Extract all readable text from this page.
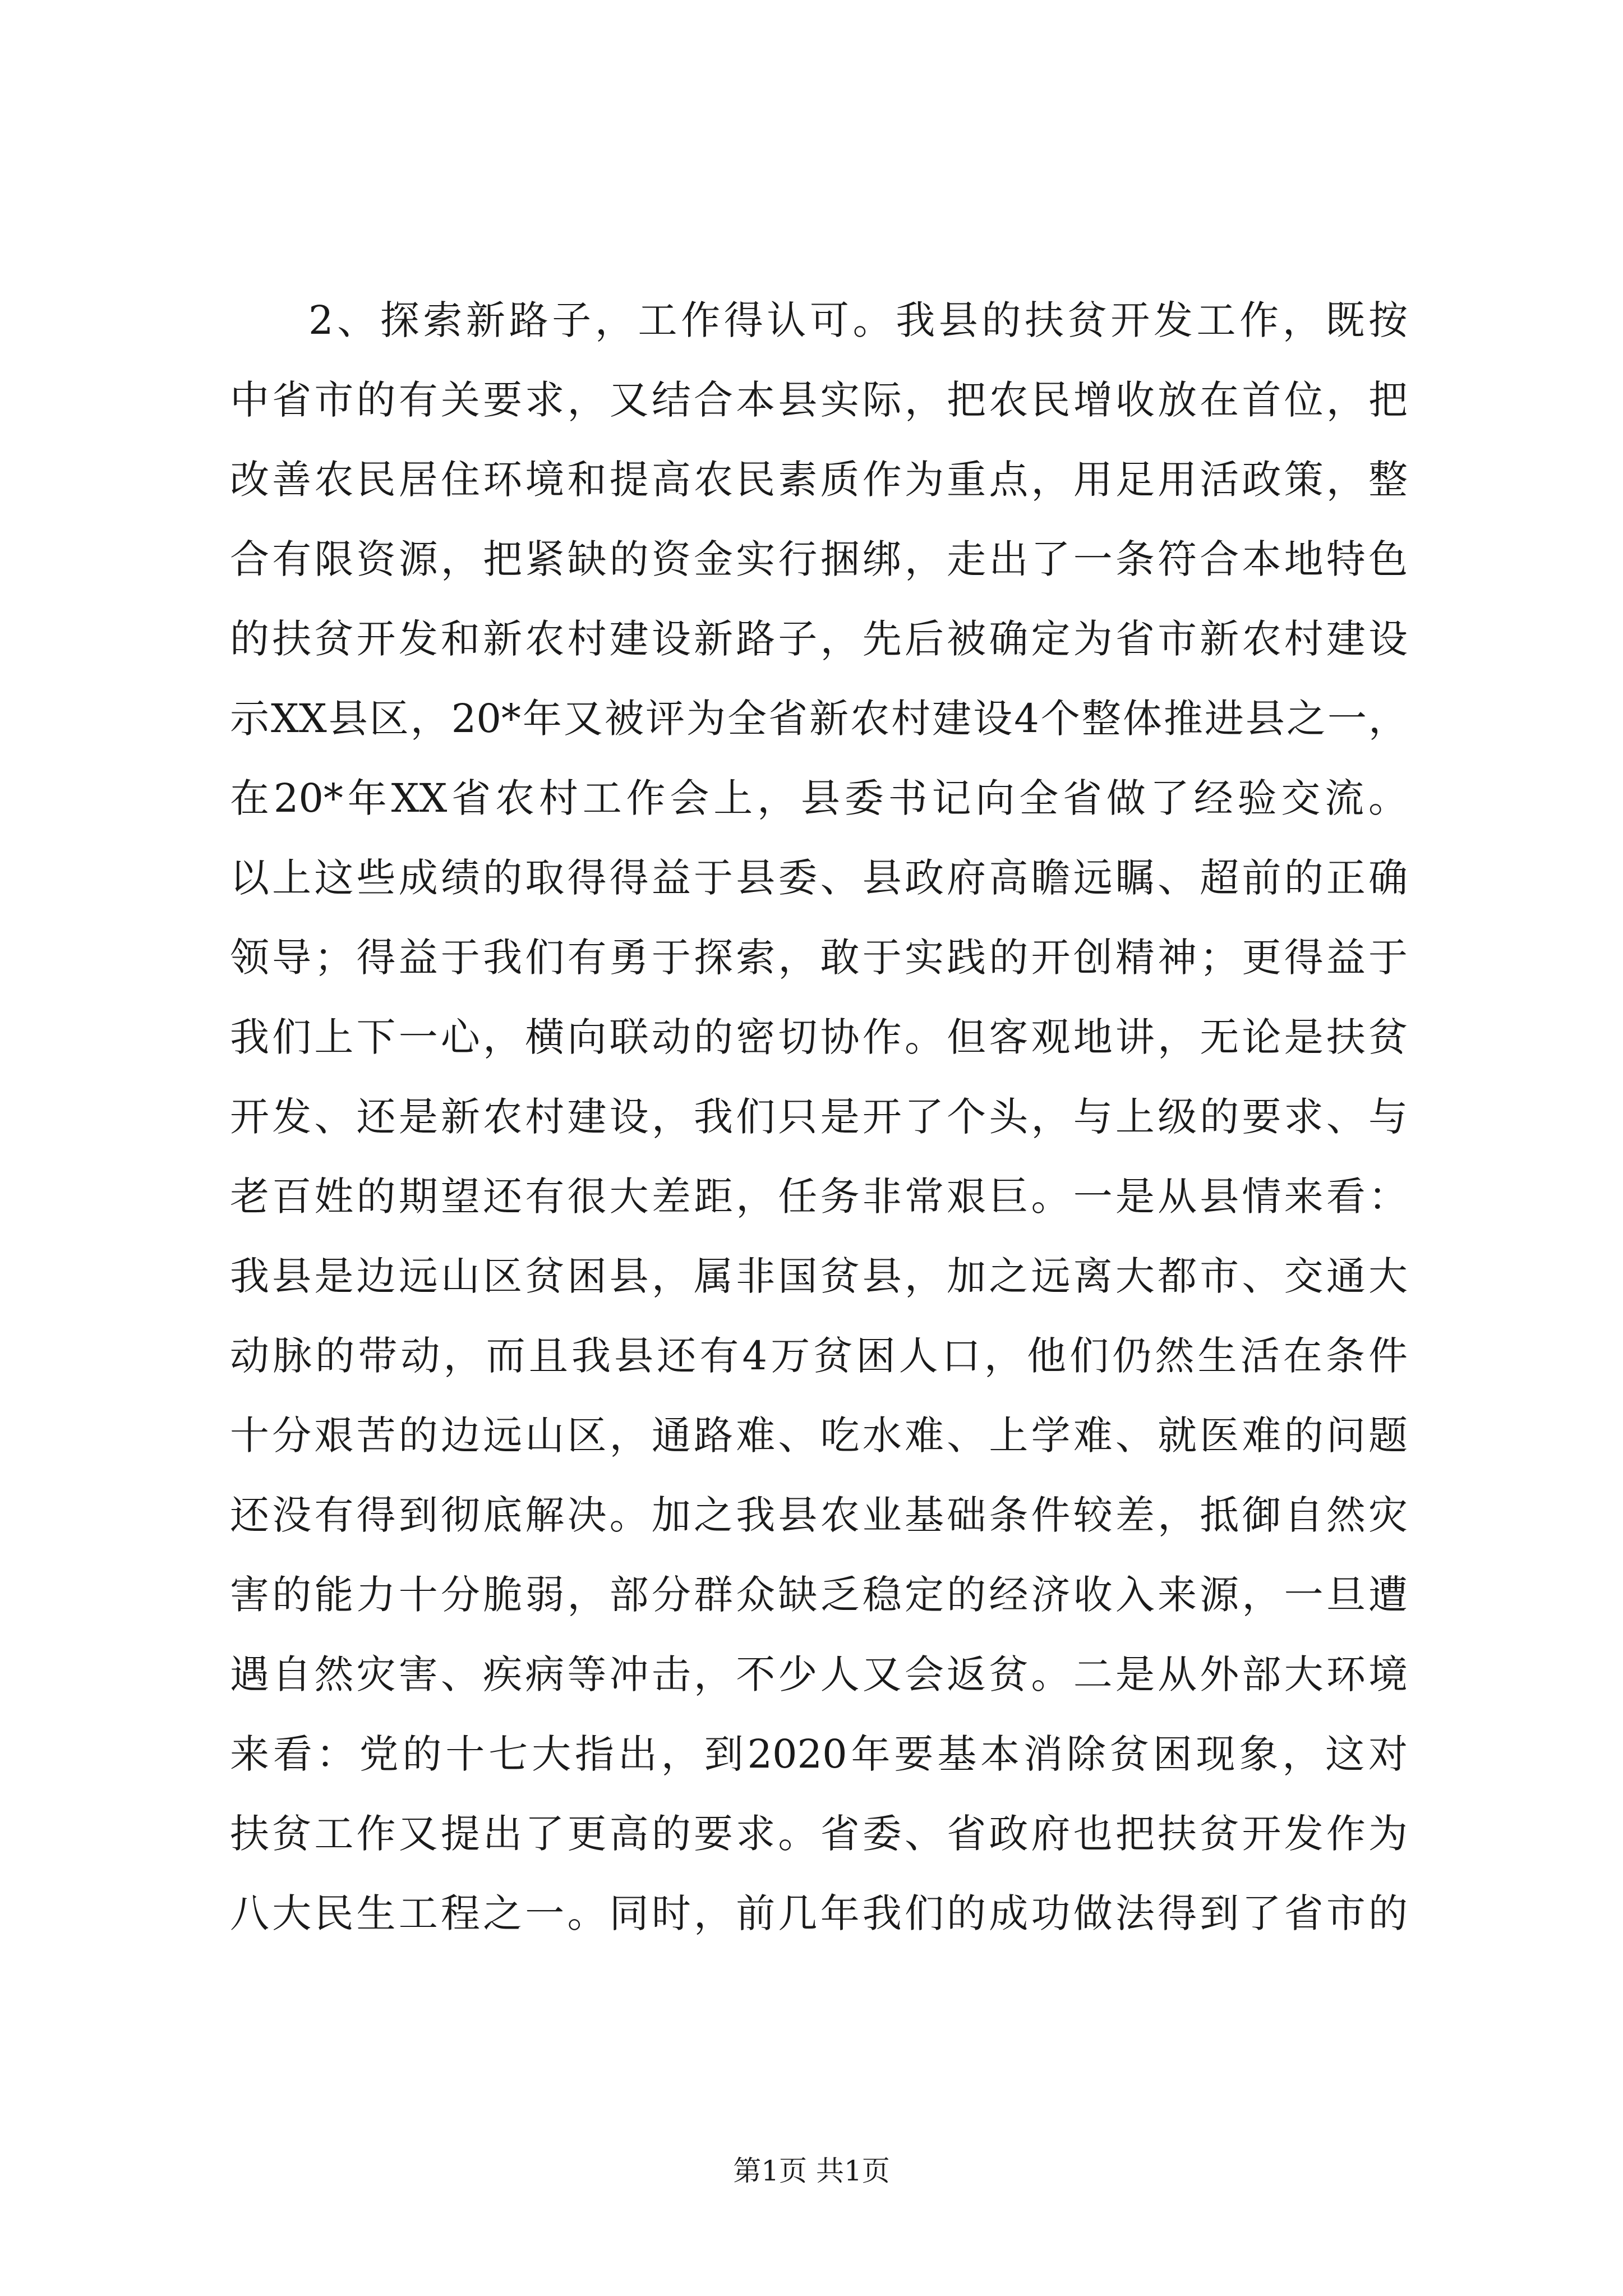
2、探索新路子，工作得认可。我县的扶贫开发工作，既按
中省市的有关要求，又结合本县实际，把农民增收放在首位，把
改善农民居住环境和提高农民素质作为重点，用足用活政策，整
合有限资源，把紧缺的资金实行捆绑，走出了一条符合本地特色
的扶贫开发和新农村建设新路子，先后被确定为省市新农村建设
示XX县区，20*年又被评为全省新农村建设4个整体推进县之一，
在20*年XX省农村工作会上，县委书记向全省做了经验交流。
以上这些成绩的取得得益于县委、县政府高瞻远瞩、超前的正确
领导；得益于我们有勇于探索，敢于实践的开创精神；更得益于
我们上下一心，横向联动的密切协作。但客观地讲，无论是扶贫
开发、还是新农村建设，我们只是开了个头，与上级的要求、与
老百姓的期望还有很大差距，任务非常艰巨。一是从县情来看：
我县是边远山区贫困县，属非国贫县，加之远离大都市、交通大
动脉的带动，而且我县还有4万贫困人口，他们仍然生活在条件
十分艰苦的边远山区，通路难、吃水难、上学难、就医难的问题
还没有得到彻底解决。加之我县农业基础条件较差，抵御自然灾
害的能力十分脆弱，部分群众缺乏稳定的经济收入来源，一旦遭
遇自然灾害、疾病等冲击，不少人又会返贫。二是从外部大环境
来看：党的十七大指出，到2020年要基本消除贫困现象，这对
扶贫工作又提出了更高的要求。省委、省政府也把扶贫开发作为
八大民生工程之一。同时，前几年我们的成功做法得到了省市的
第1页 共1页
